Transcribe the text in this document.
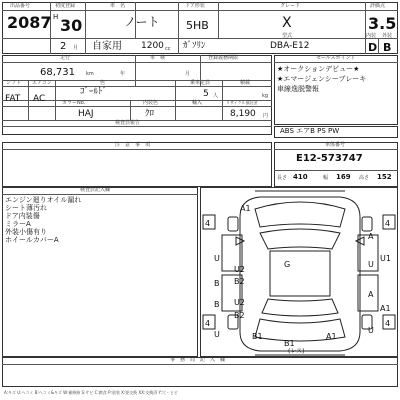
出品番号	初度登録	車　名	ドア形状	グレード	評価点
2087 H 30	ノート 5HB	X	3.5
2 月 自家用 1200 cc ｶﾞｿﾘﾝ	DBA-E12
型式	内装 外装
D B
走行	車　検	登録義務期限
68,731 km	年	月
シフト エアコン	色	乗車定員	積載
FAT AC
ｺﾞｰﾙﾄﾞ	5 人	kg
カラーNo.	内装色	輸入	リサイクル預託金
HAJ	ｸﾛ	8,190 円
検査員報告
セールスポイント
★オークションデビュー★
★エマージェンシーブレーキ
車線逸脱警報
ABS エアB PS PW
注　意　事　項	車体番号
E12-573747
長さ 410	幅 169 高さ 152
検査員記入欄
エンジン廻りオイル漏れ
シート薄汚れ
ドア内装傷
ミラーA
外装小傷有り
ホイールカバーA
4
4
4
4
A1
G
U2
B2
U2
B2
U1
A1
B1
B1
A1
U
B
B
U
A
U
A
U
(レス)
事　務　局　記　入　欄
A:キズ U:ヘコミ B:ヘコミ&キズ W:補修跡 S:サビ C:腐食 P:塗装 X:要交換 XX:交換済 Y:穴・ヒビ
